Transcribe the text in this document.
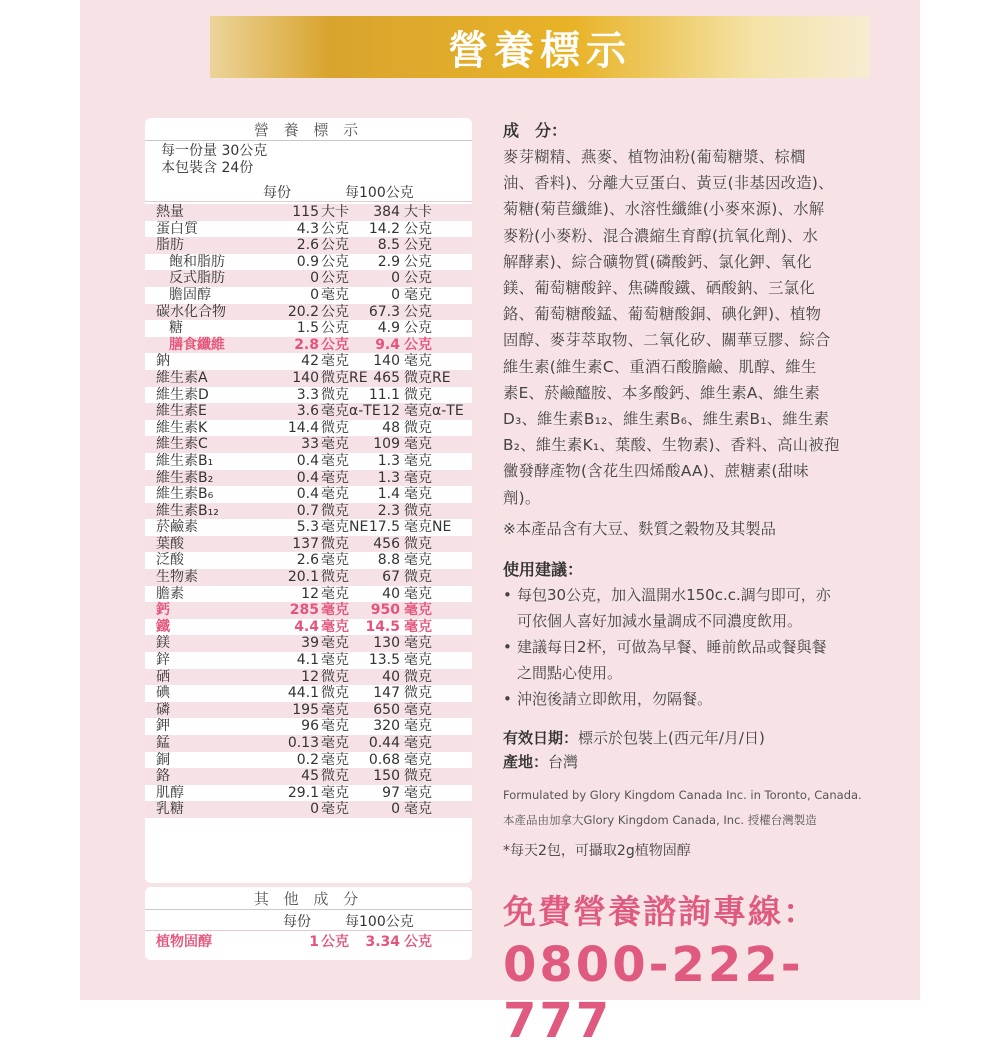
營養標示
營 養 標 示
每一份量 30公克
本包裝含 24份
每份	每100公克
熱量	115 大卡	384 大卡
蛋白質	4.3 公克	14.2 公克
脂肪	2.6 公克	8.5 公克
飽和脂肪	0.9 公克	2.9 公克
反式脂肪	0 公克	0 公克
膽固醇	0 毫克	0 毫克
碳水化合物	20.2 公克	67.3 公克
糖	1.5 公克	4.9 公克
膳食纖維	2.8 公克	9.4 公克
鈉	42 毫克	140 毫克
維生素A	140 微克RE 465 微克RE
維生素D	3.3 微克	11.1 微克
維生素E	3.6 毫克α-TE 12 毫克α-TE
維生素K	14.4 微克	48 微克
維生素C	33 毫克	109 毫克
維生素B₁	0.4 毫克	1.3 毫克
維生素B₂	0.4 毫克	1.3 毫克
維生素B₆	0.4 毫克	1.4 毫克
維生素B₁₂	0.7 微克	2.3 微克
菸鹼素	5.3 毫克NE 17.5 毫克NE
葉酸	137 微克	456 微克
泛酸	2.6 毫克	8.8 毫克
生物素	20.1 微克	67 微克
膽素	12 毫克	40 毫克
鈣	285 毫克	950 毫克
鐵	4.4 毫克	14.5 毫克
鎂	39 毫克	130 毫克
鋅	4.1 毫克	13.5 毫克
硒	12 微克	40 微克
碘	44.1 微克	147 微克
磷	195 毫克	650 毫克
鉀	96 毫克	320 毫克
錳	0.13 毫克	0.44 毫克
銅	0.2 毫克	0.68 毫克
鉻	45 微克	150 微克
肌醇	29.1 毫克	97 毫克
乳糖	0 毫克	0 毫克
其 他 成 分
每份 每100公克
植物固醇	1 公克	3.34 公克
成　分：
麥芽糊精、燕麥、植物油粉(葡萄糖漿、棕櫚
油、香料)、分離大豆蛋白、黃豆(非基因改造)、
菊糖(菊苣纖維)、水溶性纖維(小麥來源)、水解
麥粉(小麥粉、混合濃縮生育醇(抗氧化劑)、水
解酵素)、綜合礦物質(磷酸鈣、氯化鉀、氧化
鎂、葡萄糖酸鋅、焦磷酸鐵、硒酸鈉、三氯化
鉻、葡萄糖酸錳、葡萄糖酸銅、碘化鉀)、植物
固醇、麥芽萃取物、二氧化矽、關華豆膠、綜合
維生素(維生素C、重酒石酸膽鹼、肌醇、維生
素E、菸鹼醯胺、本多酸鈣、維生素A、維生素
D₃、維生素B₁₂、維生素B₆、維生素B₁、維生素
B₂、維生素K₁、葉酸、生物素)、香料、高山被孢
黴發酵產物(含花生四烯酸AA)、蔗糖素(甜味
劑)。
※本產品含有大豆、麩質之穀物及其製品
使用建議：
• 每包30公克，加入溫開水150c.c.調勻即可，亦
可依個人喜好加減水量調成不同濃度飲用。
• 建議每日2杯，可做為早餐、睡前飲品或餐與餐
之間點心使用。
• 沖泡後請立即飲用，勿隔餐。
有效日期：標示於包裝上(西元年/月/日)
產地：台灣
Formulated by Glory Kingdom Canada Inc. in Toronto, Canada.
本產品由加拿大Glory Kingdom Canada, Inc. 授權台灣製造
*每天2包，可攝取2g植物固醇
免費營養諮詢專線：
0800-222-777
